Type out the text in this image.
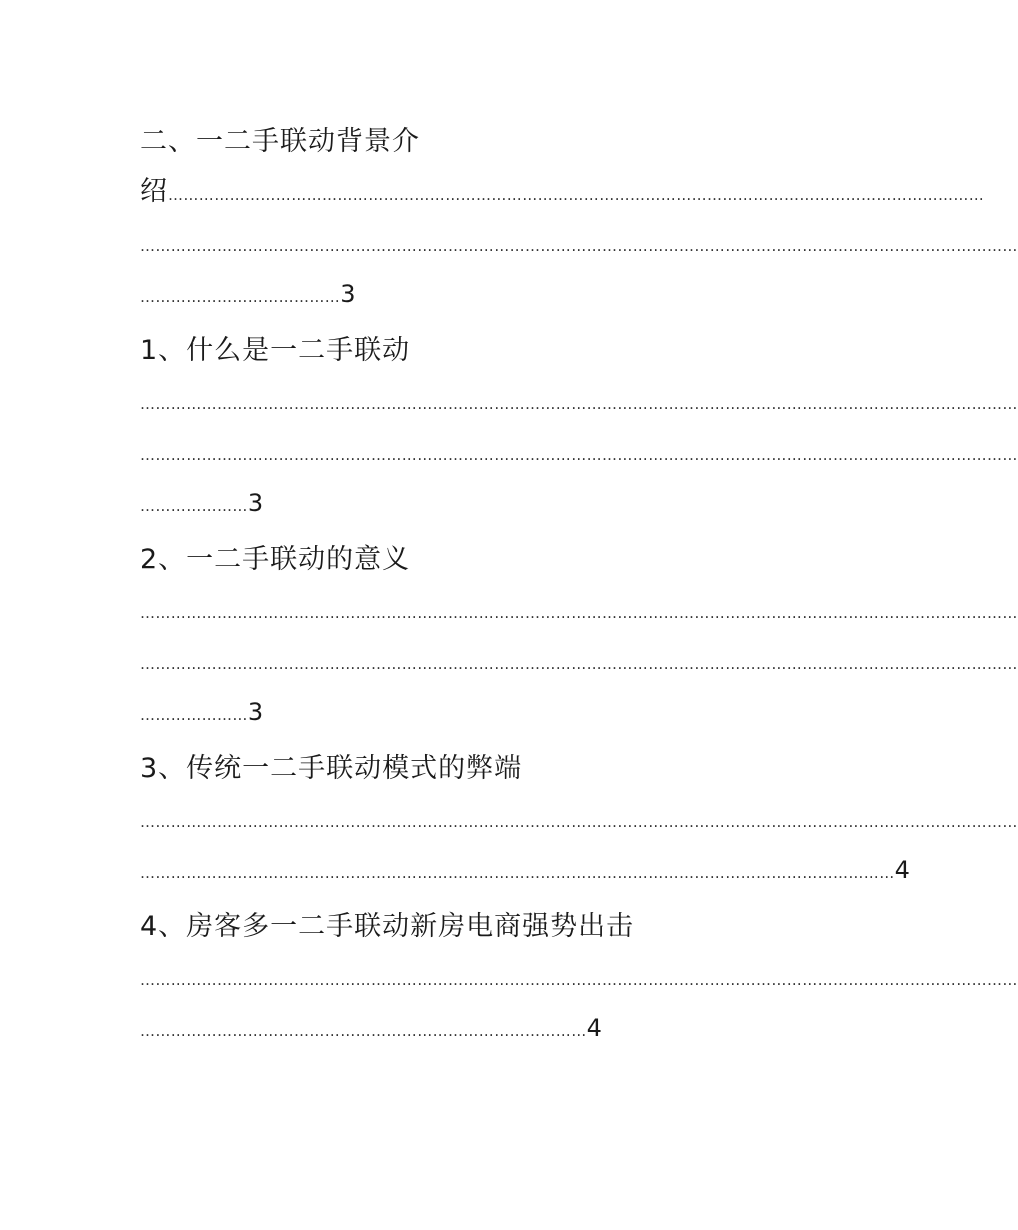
二、一二手联动背景介
绍……………………………………………………………………………………………………………………………………………
………………………………………………………………………………………………………………………………………………………
…………………………………3
1、什么是一二手联动
………………………………………………………………………………………………………………………………………………………
………………………………………………………………………………………………………………………………………………………
…………………3
2、一二手联动的意义
………………………………………………………………………………………………………………………………………………………
………………………………………………………………………………………………………………………………………………………
…………………3
3、传统一二手联动模式的弊端
………………………………………………………………………………………………………………………………………………………
…………………………………………………………………………………………………………………………………4
4、房客多一二手联动新房电商强势出击
………………………………………………………………………………………………………………………………………………………
……………………………………………………………………………4
